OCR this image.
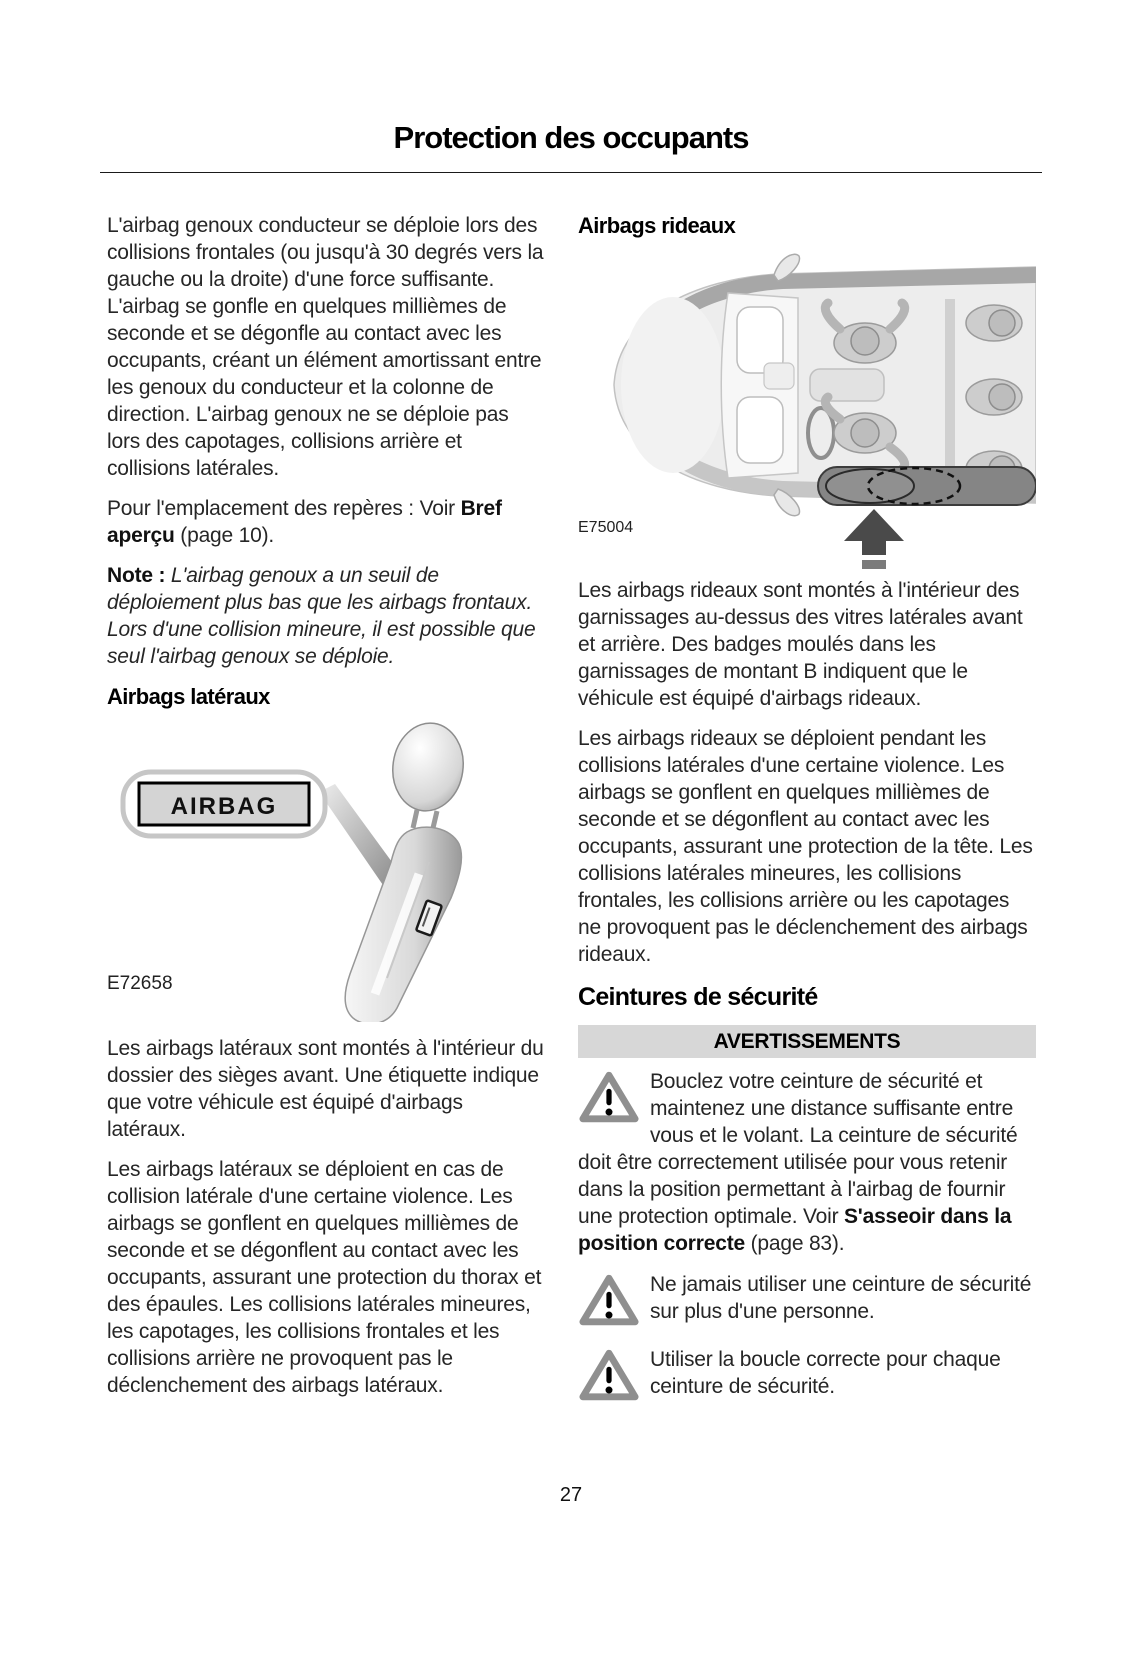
Protection des occupants

L'airbag genoux conducteur se déploie lors des collisions frontales (ou jusqu'à 30 degrés vers la gauche ou la droite) d'une force suffisante. L'airbag se gonfle en quelques millièmes de seconde et se dégonfle au contact avec les occupants, créant un élément amortissant entre les genoux du conducteur et la colonne de direction. L'airbag genoux ne se déploie pas lors des capotages, collisions arrière et collisions latérales.

Pour l'emplacement des repères : Voir Bref aperçu (page 10).

Note : L'airbag genoux a un seuil de déploiement plus bas que les airbags frontaux. Lors d'une collision mineure, il est possible que seul l'airbag genoux se déploie.

Airbags latéraux
AIRBAG
E72658

Les airbags latéraux sont montés à l'intérieur du dossier des sièges avant. Une étiquette indique que votre véhicule est équipé d'airbags latéraux.

Les airbags latéraux se déploient en cas de collision latérale d'une certaine violence. Les airbags se gonflent en quelques millièmes de seconde et se dégonflent au contact avec les occupants, assurant une protection du thorax et des épaules. Les collisions latérales mineures, les capotages, les collisions frontales et les collisions arrière ne provoquent pas le déclenchement des airbags latéraux.

Airbags rideaux
E75004

Les airbags rideaux sont montés à l'intérieur des garnissages au-dessus des vitres latérales avant et arrière. Des badges moulés dans les garnissages de montant B indiquent que le véhicule est équipé d'airbags rideaux.

Les airbags rideaux se déploient pendant les collisions latérales d'une certaine violence. Les airbags se gonflent en quelques millièmes de seconde et se dégonflent au contact avec les occupants, assurant une protection de la tête. Les collisions latérales mineures, les collisions frontales, les collisions arrière ou les capotages ne provoquent pas le déclenchement des airbags rideaux.

Ceintures de sécurité
AVERTISSEMENTS
Bouclez votre ceinture de sécurité et maintenez une distance suffisante entre vous et le volant. La ceinture de sécurité doit être correctement utilisée pour vous retenir dans la position permettant à l'airbag de fournir une protection optimale. Voir S'asseoir dans la position correcte (page 83).
Ne jamais utiliser une ceinture de sécurité sur plus d'une personne.
Utiliser la boucle correcte pour chaque ceinture de sécurité.
27
